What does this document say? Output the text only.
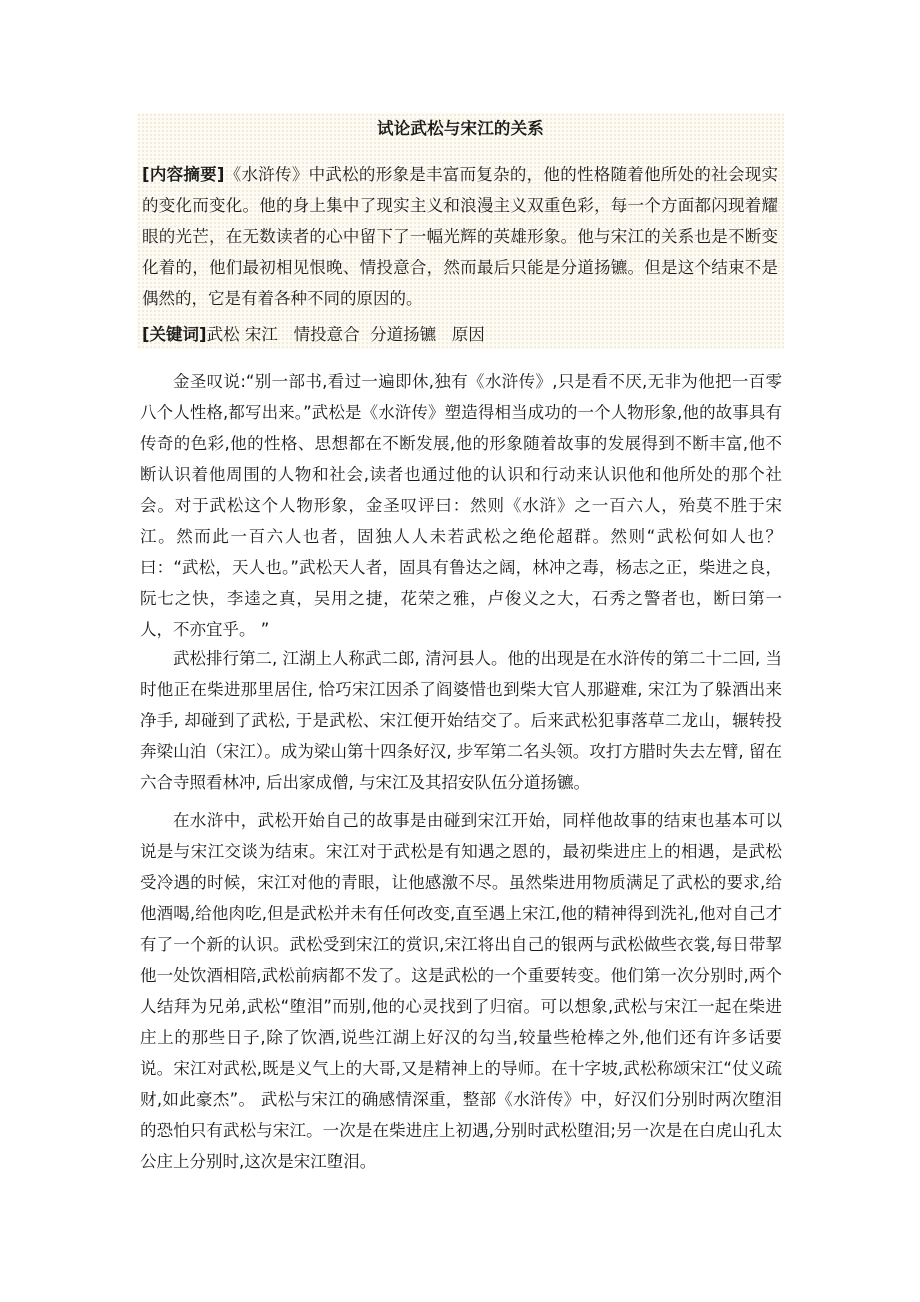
试论武松与宋江的关系

[内容摘要]《水浒传》中武松的形象是丰富而复杂的，他的性格随着他所处的社会现实的变化而变化。他的身上集中了现实主义和浪漫主义双重色彩，每一个方面都闪现着耀眼的光芒，在无数读者的心中留下了一幅光辉的英雄形象。他与宋江的关系也是不断变化着的，他们最初相见恨晚、情投意合，然而最后只能是分道扬镳。但是这个结束不是偶然的，它是有着各种不同的原因的。

[关键词]武松 宋江   情投意合  分道扬镳   原因

金圣叹说:“别一部书,看过一遍即休,独有《水浒传》,只是看不厌,无非为他把一百零八个人性格,都写出来。”武松是《水浒传》塑造得相当成功的一个人物形象,他的故事具有传奇的色彩,他的性格、思想都在不断发展,他的形象随着故事的发展得到不断丰富,他不断认识着他周围的人物和社会,读者也通过他的认识和行动来认识他和他所处的那个社会。对于武松这个人物形象，金圣叹评曰：然则《水浒》之一百六人，殆莫不胜于宋江。然而此一百六人也者，固独人人未若武松之绝伦超群。然则“武松何如人也？曰：“武松，天人也。”武松天人者，固具有鲁达之阔，林冲之毒，杨志之正，柴进之良，阮七之快，李逵之真，吴用之捷，花荣之雅，卢俊义之大，石秀之警者也，断曰第一人，不亦宜乎。 ”

武松排行第二, 江湖上人称武二郎, 清河县人。他的出现是在水浒传的第二十二回, 当时他正在柴进那里居住, 恰巧宋江因杀了阎婆惜也到柴大官人那避难, 宋江为了躲酒出来净手, 却碰到了武松, 于是武松、宋江便开始结交了。后来武松犯事落草二龙山，辗转投奔梁山泊（宋江）。成为梁山第十四条好汉, 步军第二名头领。攻打方腊时失去左臂, 留在六合寺照看林冲, 后出家成僧, 与宋江及其招安队伍分道扬镳。

在水浒中，武松开始自己的故事是由碰到宋江开始，同样他故事的结束也基本可以说是与宋江交谈为结束。宋江对于武松是有知遇之恩的，最初柴进庄上的相遇，是武松受冷遇的时候，宋江对他的青眼，让他感激不尽。虽然柴进用物质满足了武松的要求,给他酒喝,给他肉吃,但是武松并未有任何改变,直至遇上宋江,他的精神得到洗礼,他对自己才有了一个新的认识。武松受到宋江的赏识,宋江将出自己的银两与武松做些衣裳,每日带挈他一处饮酒相陪,武松前病都不发了。这是武松的一个重要转变。他们第一次分别时,两个人结拜为兄弟,武松“堕泪”而别,他的心灵找到了归宿。可以想象,武松与宋江一起在柴进庄上的那些日子,除了饮酒,说些江湖上好汉的勾当,较量些枪棒之外,他们还有许多话要说。宋江对武松,既是义气上的大哥,又是精神上的导师。在十字坡,武松称颂宋江“仗义疏财,如此豪杰”。 武松与宋江的确感情深重，整部《水浒传》中，好汉们分别时两次堕泪的恐怕只有武松与宋江。一次是在柴进庄上初遇,分别时武松堕泪;另一次是在白虎山孔太公庄上分别时,这次是宋江堕泪。
